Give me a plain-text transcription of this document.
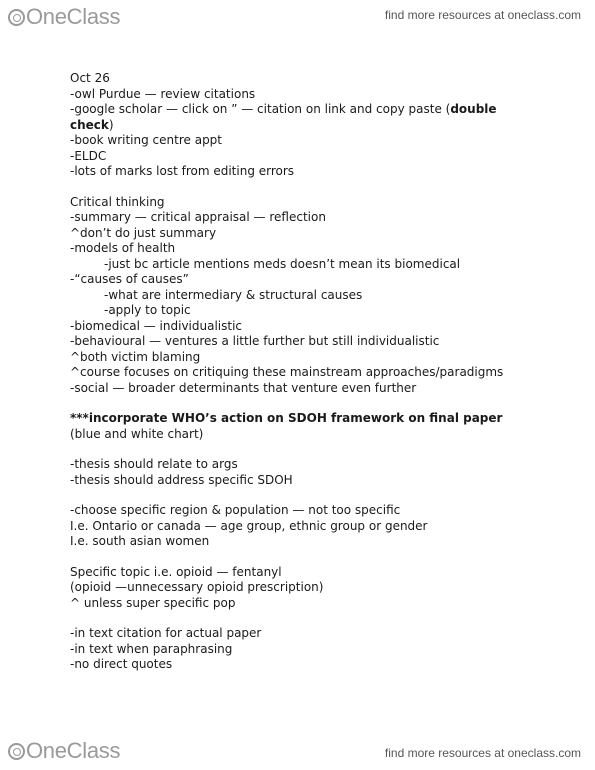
OneClass	find more resources at oneclass.com
Oct 26
-owl Purdue — review citations
-google scholar — click on ” — citation on link and copy paste (double
check)
-book writing centre appt
-ELDC
-lots of marks lost from editing errors
Critical thinking
-summary — critical appraisal — reflection
^don’t do just summary
-models of health
-just bc article mentions meds doesn’t mean its biomedical
-“causes of causes”
-what are intermediary & structural causes
-apply to topic
-biomedical — individualistic
-behavioural — ventures a little further but still individualistic
^both victim blaming
^course focuses on critiquing these mainstream approaches/paradigms
-social — broader determinants that venture even further
***incorporate WHO’s action on SDOH framework on final paper
(blue and white chart)
-thesis should relate to args
-thesis should address specific SDOH
-choose specific region & population — not too specific
I.e. Ontario or canada — age group, ethnic group or gender
I.e. south asian women
Specific topic i.e. opioid — fentanyl
(opioid —unnecessary opioid prescription)
^ unless super specific pop
-in text citation for actual paper
-in text when paraphrasing
-no direct quotes
OneClass	find more resources at oneclass.com
